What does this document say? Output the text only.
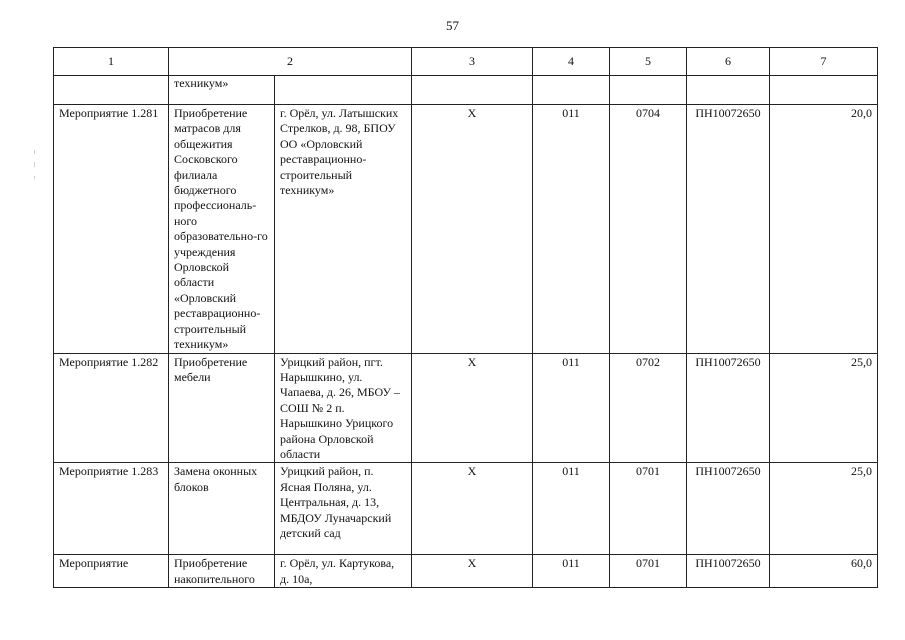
57
1	2		3	4	5	6	7
	техникум»						
Мероприятие 1.281	Приобретение матрасов для общежития Сосковского филиала бюджетного профессиональ-ного образовательно-го учреждения Орловской области «Орловский реставрационно-строительный техникум»	г. Орёл, ул. Латышских Стрелков, д. 98, БПОУ ОО «Орловский реставрационно-строительный техникум»	Х	011	0704	ПН10072650	20,0
Мероприятие 1.282	Приобретение мебели	Урицкий район, пгт. Нарышкино, ул. Чапаева, д. 26, МБОУ – СОШ № 2 п. Нарышкино Урицкого района Орловской области	Х	011	0702	ПН10072650	25,0
Мероприятие 1.283	Замена оконных блоков	Урицкий район, п. Ясная Поляна, ул. Центральная, д. 13, МБДОУ Луначарский детский сад	Х	011	0701	ПН10072650	25,0
Мероприятие	Приобретение накопительного	г. Орёл, ул. Картукова, д. 10а,	Х	011	0701	ПН10072650	60,0
